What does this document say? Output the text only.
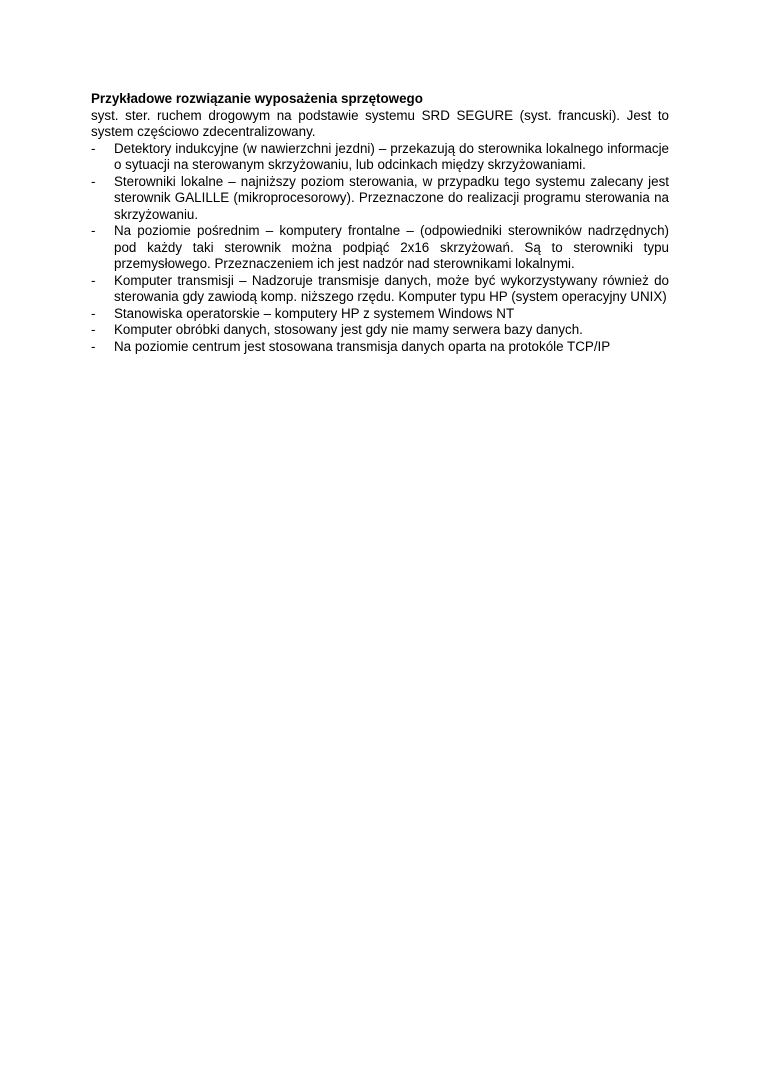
Przykładowe rozwiązanie wyposażenia sprzętowego

syst. ster. ruchem drogowym na podstawie systemu SRD SEGURE (syst. francuski). Jest to system częściowo zdecentralizowany.

-	Detektory indukcyjne (w nawierzchni jezdni) – przekazują do sterownika lokalnego informacje o sytuacji na sterowanym skrzyżowaniu, lub odcinkach między skrzyżowaniami.
-	Sterowniki lokalne – najniższy poziom sterowania, w przypadku tego systemu zalecany jest sterownik GALILLE (mikroprocesorowy). Przeznaczone do realizacji programu sterowania na skrzyżowaniu.
-	Na poziomie pośrednim – komputery frontalne – (odpowiedniki sterowników nadrzędnych) pod każdy taki sterownik można podpiąć 2x16 skrzyżowań. Są to sterowniki typu przemysłowego. Przeznaczeniem ich jest nadzór nad sterownikami lokalnymi.
-	Komputer transmisji – Nadzoruje transmisje danych, może być wykorzystywany również do sterowania gdy zawiodą komp. niższego rzędu. Komputer typu HP (system operacyjny UNIX)
-	Stanowiska operatorskie – komputery HP z systemem Windows NT
-	Komputer obróbki danych, stosowany jest gdy nie mamy serwera bazy danych.
-	Na poziomie centrum jest stosowana transmisja danych oparta na protokóle TCP/IP
